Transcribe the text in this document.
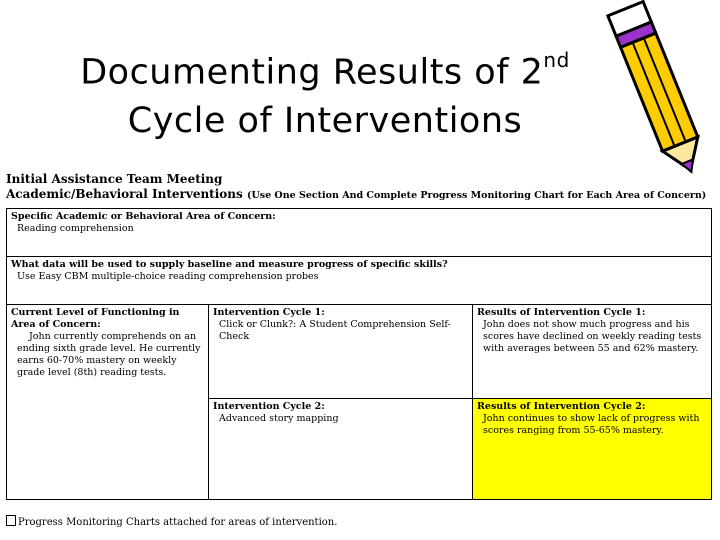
Documenting Results of 2nd
Cycle of Interventions
Initial Assistance Team Meeting
Academic/Behavioral Interventions (Use One Section And Complete Progress Monitoring Chart for Each Area of Concern)
Specific Academic or Behavioral Area of Concern:
Reading comprehension
What data will be used to supply baseline and measure progress of specific skills?
Use Easy CBM multiple-choice reading comprehension probes
Current Level of Functioning in Area of Concern:
John currently comprehends on an ending sixth grade level. He currently earns 60-70% mastery on weekly grade level (8th) reading tests.
Intervention Cycle 1:
Click or Clunk?: A Student Comprehension Self-Check
Results of Intervention Cycle 1:
John does not show much progress and his scores have declined on weekly reading tests with averages between 55 and 62% mastery.
Intervention Cycle 2:
Advanced story mapping
Results of Intervention Cycle 2:
John continues to show lack of progress with scores ranging from 55-65% mastery.
Progress Monitoring Charts attached for areas of intervention.
